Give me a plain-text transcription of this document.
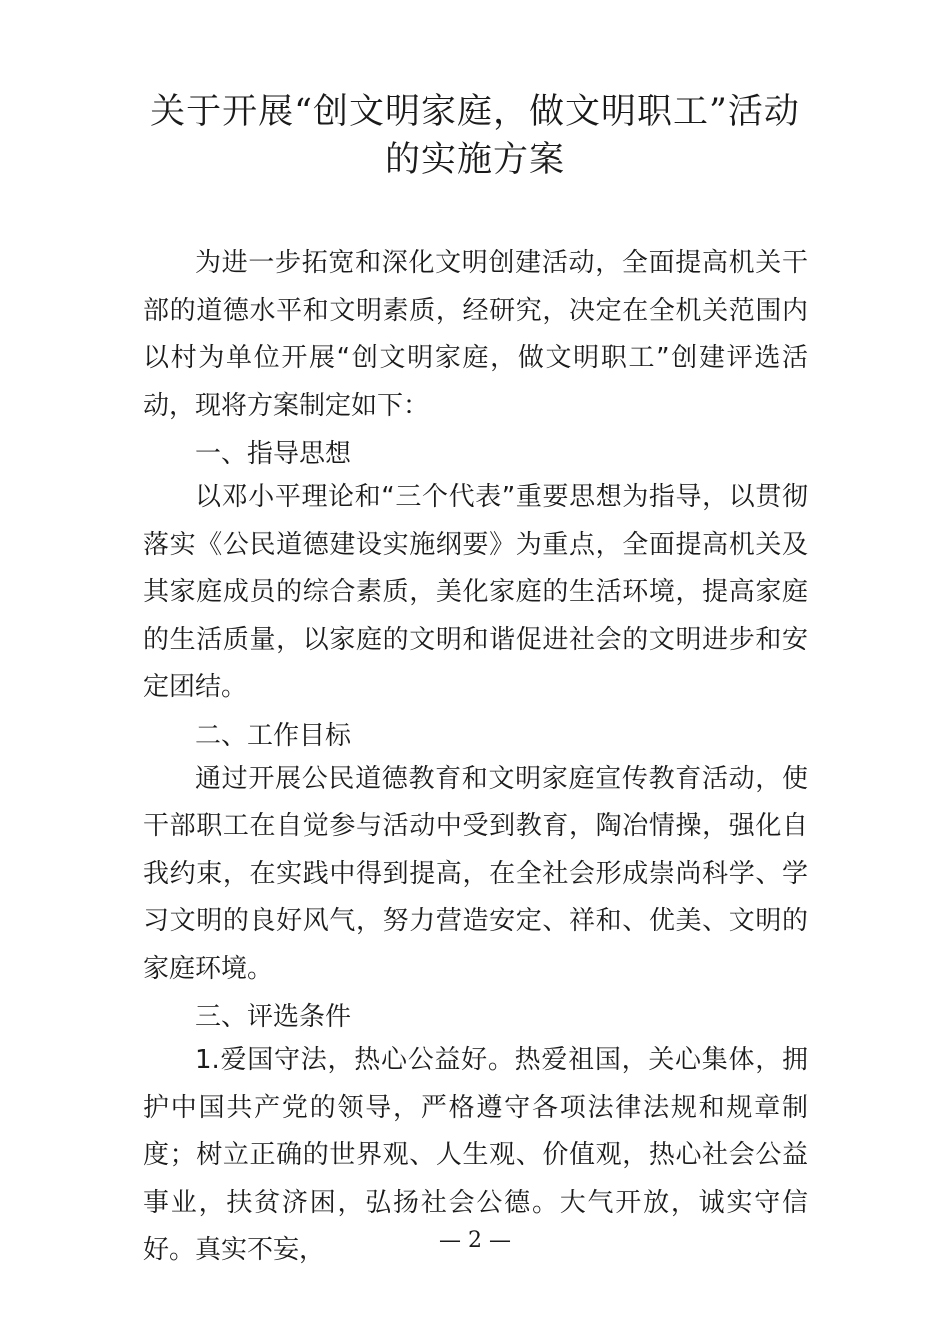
关于开展“创文明家庭，做文明职工”活动
的实施方案

为进一步拓宽和深化文明创建活动，全面提高机关干部的道德水平和文明素质，经研究，决定在全机关范围内以村为单位开展“创文明家庭，做文明职工”创建评选活动，现将方案制定如下：

一、指导思想

以邓小平理论和“三个代表”重要思想为指导，以贯彻落实《公民道德建设实施纲要》为重点，全面提高机关及其家庭成员的综合素质，美化家庭的生活环境，提高家庭的生活质量，以家庭的文明和谐促进社会的文明进步和安定团结。

二、工作目标

通过开展公民道德教育和文明家庭宣传教育活动，使干部职工在自觉参与活动中受到教育，陶冶情操，强化自我约束，在实践中得到提高，在全社会形成崇尚科学、学习文明的良好风气，努力营造安定、祥和、优美、文明的家庭环境。

三、评选条件

1.爱国守法，热心公益好。热爱祖国，关心集体，拥护中国共产党的领导，严格遵守各项法律法规和规章制度；树立正确的世界观、人生观、价值观，热心社会公益事业，扶贫济困，弘扬社会公德。大气开放，诚实守信好。真实不妄，	— 2 —
